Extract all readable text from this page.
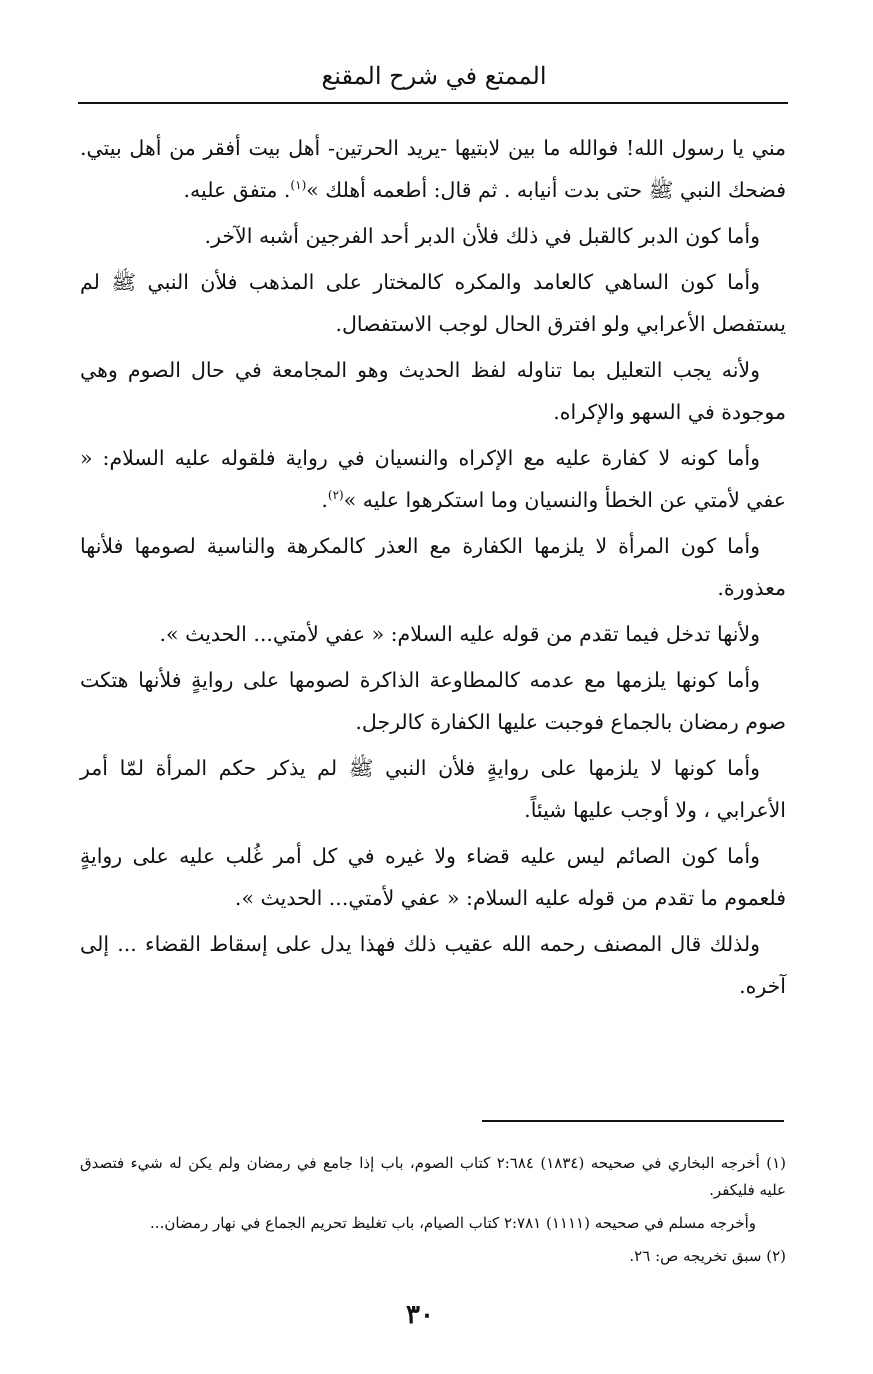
الممتع في شرح المقنع

مني يا رسول الله! فوالله ما بين لابتيها -يريد الحرتين- أهل بيت أفقر من أهل بيتي. فضحك النبي ﷺ حتى بدت أنيابه . ثم قال: أطعمه أهلك »$^{(١)}$. متفق عليه.

وأما كون الدبر كالقبل في ذلك فلأن الدبر أحد الفرجين أشبه الآخر.

وأما كون الساهي كالعامد والمكره كالمختار على المذهب فلأن النبي ﷺ لم يستفصل الأعرابي ولو افترق الحال لوجب الاستفصال.

ولأنه يجب التعليل بما تناوله لفظ الحديث وهو المجامعة في حال الصوم وهي موجودة في السهو والإكراه.

وأما كونه لا كفارة عليه مع الإكراه والنسيان في رواية فلقوله عليه السلام: « عفي لأمتي عن الخطأ والنسيان وما استكرهوا عليه »$^{(٢)}$.

وأما كون المرأة لا يلزمها الكفارة مع العذر كالمكرهة والناسية لصومها فلأنها معذورة.

ولأنها تدخل فيما تقدم من قوله عليه السلام: « عفي لأمتي... الحديث ».

وأما كونها يلزمها مع عدمه كالمطاوعة الذاكرة لصومها على روايةٍ فلأنها هتكت صوم رمضان بالجماع فوجبت عليها الكفارة كالرجل.

وأما كونها لا يلزمها على روايةٍ فلأن النبي ﷺ لم يذكر حكم المرأة لمّا أمر الأعرابي ، ولا أوجب عليها شيئاً.

وأما كون الصائم ليس عليه قضاء ولا غيره في كل أمر غُلب عليه على روايةٍ فلعموم ما تقدم من قوله عليه السلام: « عفي لأمتي... الحديث ».

ولذلك قال المصنف رحمه الله عقيب ذلك فهذا يدل على إسقاط القضاء ... إلى آخره.

(١) أخرجه البخاري في صحيحه (١٨٣٤) ٢:٦٨٤ كتاب الصوم، باب إذا جامع في رمضان ولم يكن له شيء فتصدق عليه فليكفر.

وأخرجه مسلم في صحيحه (١١١١) ٢:٧٨١ كتاب الصيام، باب تغليظ تحريم الجماع في نهار رمضان...

(٢) سبق تخريجه ص: ٢٦.

٣٠
